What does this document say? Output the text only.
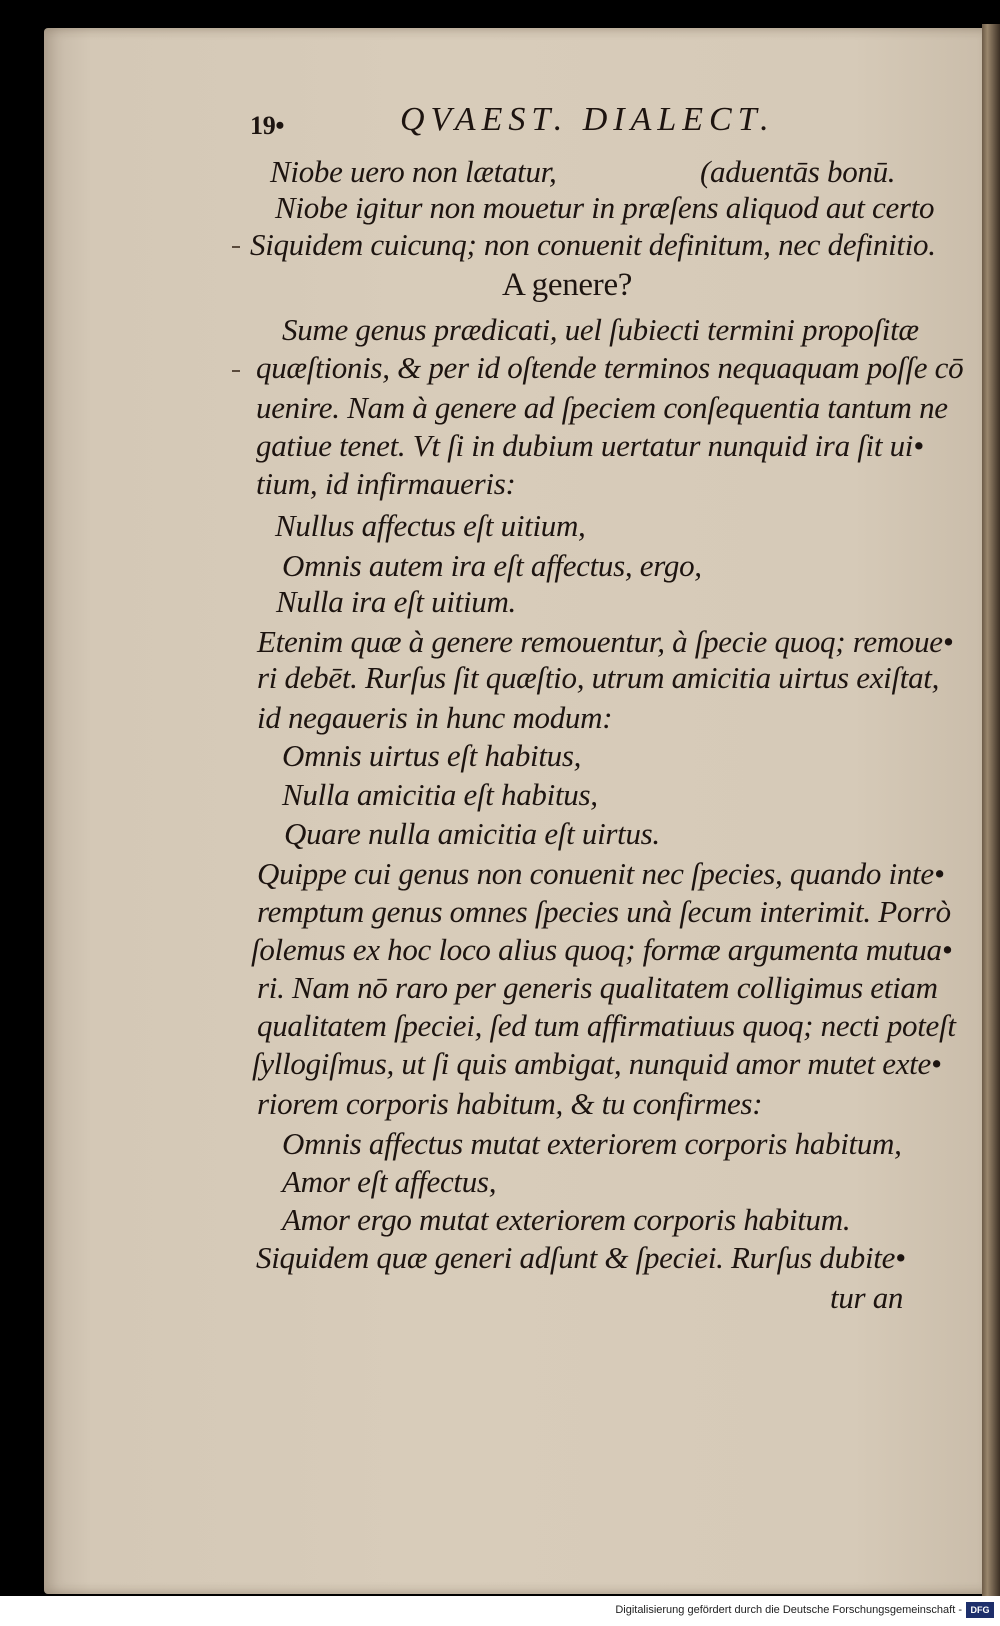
19•	QVAEST. DIALECT.
Niobe uero non lætatur,	(aduentās bonū.
Niobe igitur non mouetur in præſens aliquod aut certo
Siquidem cuicunq; non conuenit definitum, nec definitio.
A genere?
Sume genus prædicati, uel ſubiecti termini propoſitæ
quæſtionis, & per id oſtende terminos nequaquam poſſe cō
uenire. Nam à genere ad ſpeciem conſequentia tantum ne
gatiue tenet. Vt ſi in dubium uertatur nunquid ira ſit ui•
tium, id infirmaueris:
Nullus affectus eſt uitium,
Omnis autem ira eſt affectus, ergo,
Nulla ira eſt uitium.
Etenim quæ à genere remouentur, à ſpecie quoq; remoue•
ri debēt. Rurſus ſit quæſtio, utrum amicitia uirtus exiſtat,
id negaueris in hunc modum:
Omnis uirtus eſt habitus,
Nulla amicitia eſt habitus,
Quare nulla amicitia eſt uirtus.
Quippe cui genus non conuenit nec ſpecies, quando inte•
remptum genus omnes ſpecies unà ſecum interimit. Porrò
ſolemus ex hoc loco alius quoq; formæ argumenta mutua•
ri. Nam nō raro per generis qualitatem colligimus etiam
qualitatem ſpeciei, ſed tum affirmatiuus quoq; necti poteſt
ſyllogiſmus, ut ſi quis ambigat, nunquid amor mutet exte•
riorem corporis habitum, & tu confirmes:
Omnis affectus mutat exteriorem corporis habitum,
Amor eſt affectus,
Amor ergo mutat exteriorem corporis habitum.
Siquidem quæ generi adſunt & ſpeciei. Rurſus dubite•
tur an
Digitalisierung gefördert durch die Deutsche Forschungsgemeinschaft - DFG
